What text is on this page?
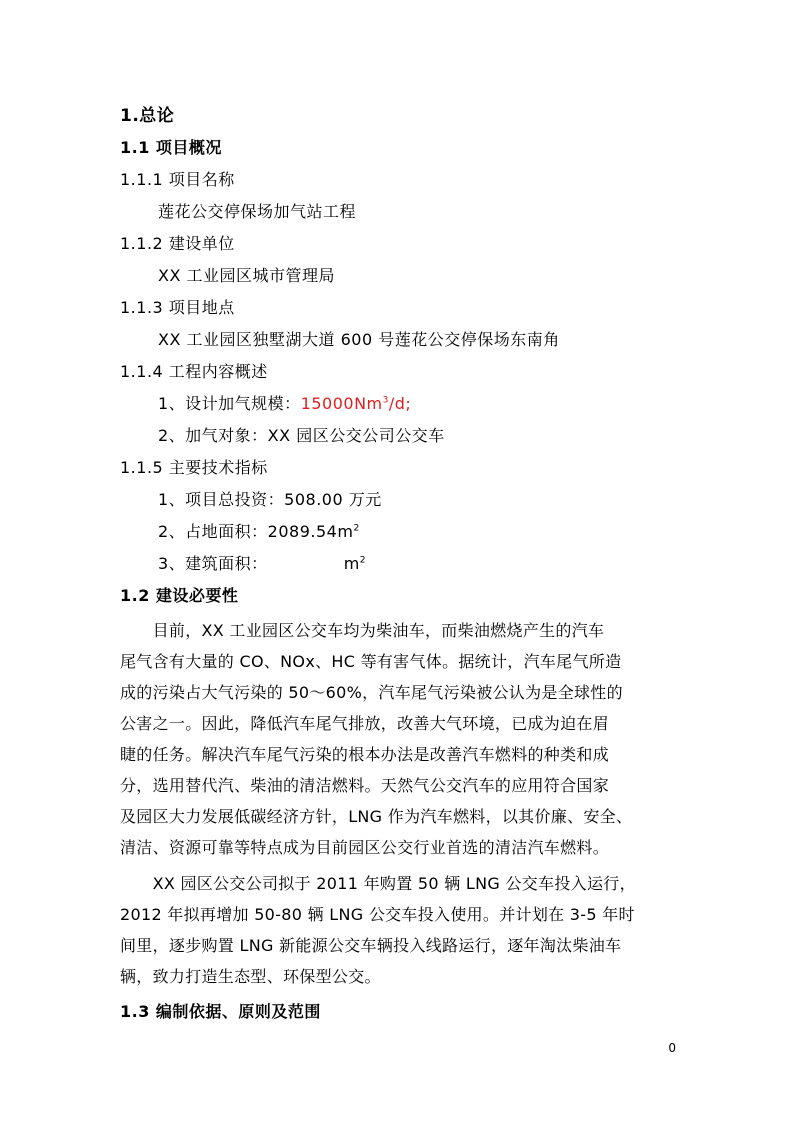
1.总论
1.1 项目概况
1.1.1 项目名称
莲花公交停保场加气站工程
1.1.2 建设单位
XX 工业园区城市管理局
1.1.3 项目地点
XX 工业园区独墅湖大道 600 号莲花公交停保场东南角
1.1.4 工程内容概述
1、设计加气规模：15000Nm$^3$/d;
2、加气对象：XX 园区公交公司公交车
1.1.5 主要技术指标
1、项目总投资：508.00 万元
2、占地面积：$2089.54m^2$
3、建筑面积：	$m^2$
1.2 建设必要性
　　目前，XX 工业园区公交车均为柴油车，而柴油燃烧产生的汽车
尾气含有大量的 CO、NOx、HC 等有害气体。据统计，汽车尾气所造
成的污染占大气污染的 50～60%，汽车尾气污染被公认为是全球性的
公害之一。因此，降低汽车尾气排放，改善大气环境，已成为迫在眉
睫的任务。解决汽车尾气污染的根本办法是改善汽车燃料的种类和成
分，选用替代汽、柴油的清洁燃料。天然气公交汽车的应用符合国家
及园区大力发展低碳经济方针，LNG 作为汽车燃料，以其价廉、安全、
清洁、资源可靠等特点成为目前园区公交行业首选的清洁汽车燃料。
　　XX 园区公交公司拟于 2011 年购置 50 辆 LNG 公交车投入运行，
2012 年拟再增加 50-80 辆 LNG 公交车投入使用。并计划在 3-5 年时
间里，逐步购置 LNG 新能源公交车辆投入线路运行，逐年淘汰柴油车
辆，致力打造生态型、环保型公交。
1.3 编制依据、原则及范围
0
